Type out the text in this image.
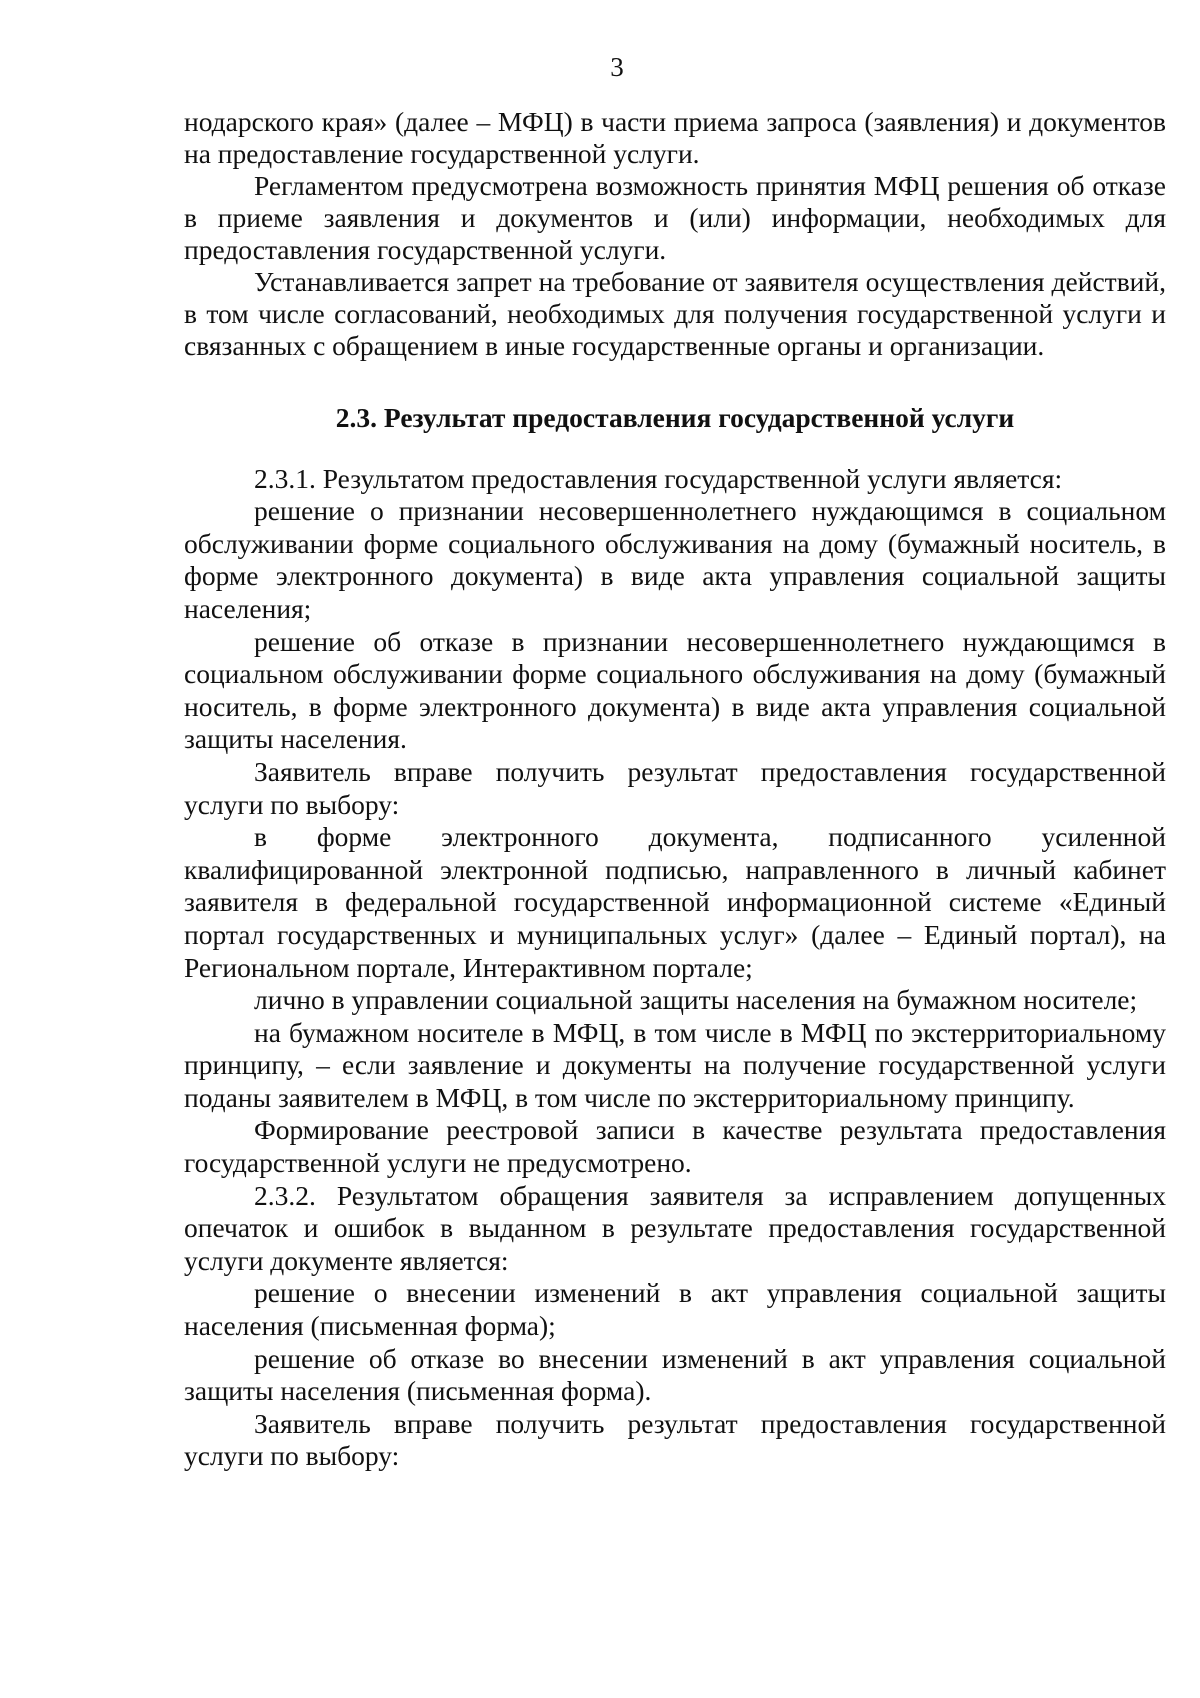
3

нодарского края» (далее – МФЦ) в части приема запроса (заявления) и документов на предоставление государственной услуги.

Регламентом предусмотрена возможность принятия МФЦ решения об отказе в приеме заявления и документов и (или) информации, необходимых для предоставления государственной услуги.

Устанавливается запрет на требование от заявителя осуществления действий, в том числе согласований, необходимых для получения государственной услуги и связанных с обращением в иные государственные органы и организации.

2.3. Результат предоставления государственной услуги

2.3.1. Результатом предоставления государственной услуги является:

решение о признании несовершеннолетнего нуждающимся в социальном обслуживании форме социального обслуживания на дому (бумажный носитель, в форме электронного документа) в виде акта управления социальной защиты населения;

решение об отказе в признании несовершеннолетнего нуждающимся в социальном обслуживании форме социального обслуживания на дому (бумажный носитель, в форме электронного документа) в виде акта управления социальной защиты населения.

Заявитель вправе получить результат предоставления государственной услуги по выбору:

в форме электронного документа, подписанного усиленной квалифицированной электронной подписью, направленного в личный кабинет заявителя в федеральной государственной информационной системе «Единый портал государственных и муниципальных услуг» (далее – Единый портал), на Региональном портале, Интерактивном портале;

лично в управлении социальной защиты населения на бумажном носителе;

на бумажном носителе в МФЦ, в том числе в МФЦ по экстерриториальному принципу, – если заявление и документы на получение государственной услуги поданы заявителем в МФЦ, в том числе по экстерриториальному принципу.

Формирование реестровой записи в качестве результата предоставления государственной услуги не предусмотрено.

2.3.2. Результатом обращения заявителя за исправлением допущенных опечаток и ошибок в выданном в результате предоставления государственной услуги документе является:

решение о внесении изменений в акт управления социальной защиты населения (письменная форма);

решение об отказе во внесении изменений в акт управления социальной защиты населения (письменная форма).

Заявитель вправе получить результат предоставления государственной услуги по выбору:
